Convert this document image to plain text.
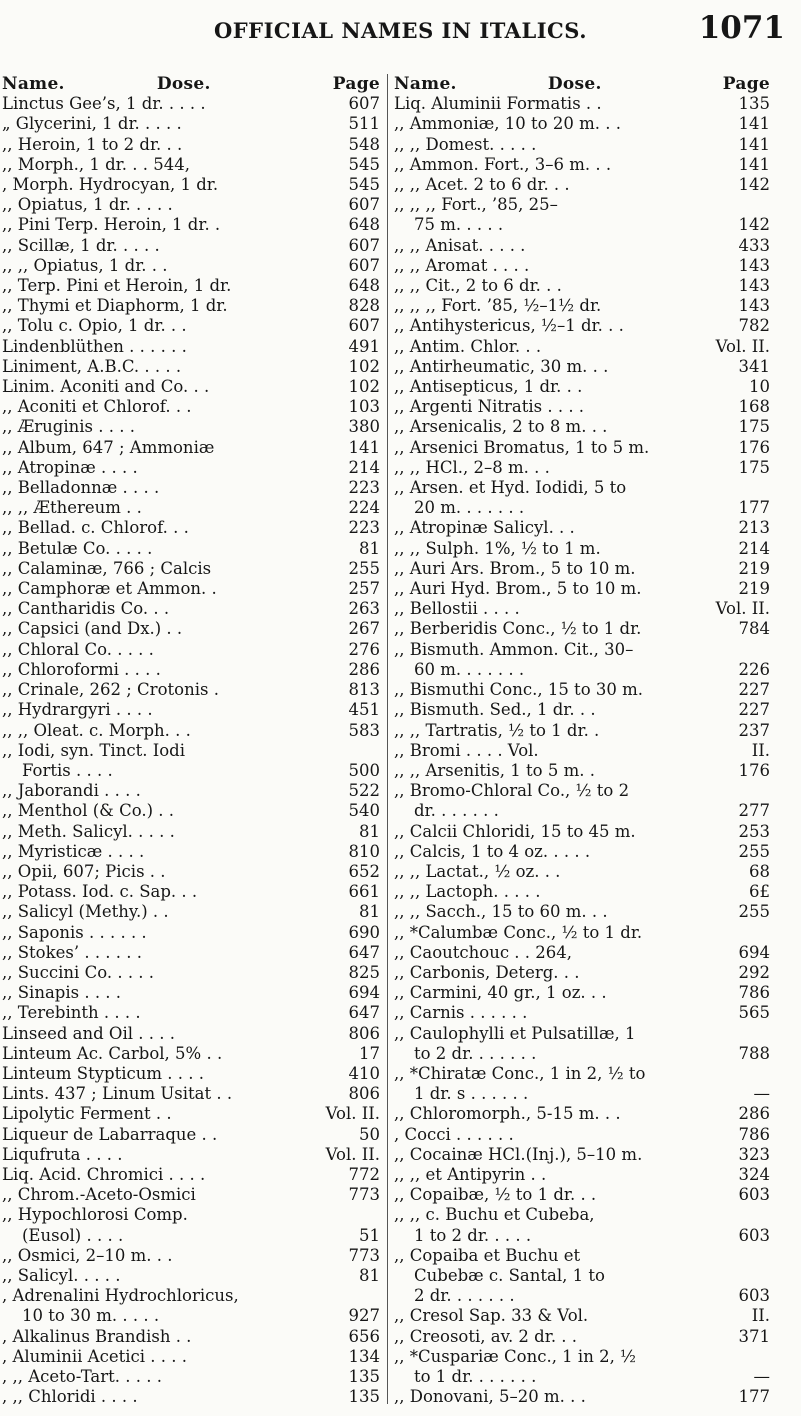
OFFICIAL NAMES IN ITALICS.	1071
Name.	Dose.	Page
Linctus Gee’s, 1 dr. . . . .	607
„ Glycerini, 1 dr. . . . .	511
,, Heroin, 1 to 2 dr. . .	548
,, Morph., 1 dr. . . 544,	545
, Morph. Hydrocyan, 1 dr.	545
,, Opiatus, 1 dr. . . . .	607
,, Pini Terp. Heroin, 1 dr. .	648
,, Scillæ, 1 dr. . . . .	607
,, ,, Opiatus, 1 dr. . .	607
,, Terp. Pini et Heroin, 1 dr.	648
,, Thymi et Diaphorm, 1 dr.	828
,, Tolu c. Opio, 1 dr. . .	607
Lindenblüthen . . . . . .	491
Liniment, A.B.C. . . . .	102
Linim. Aconiti and Co. . .	102
,, Aconiti et Chlorof. . .	103
,, Æruginis . . . .	380
,, Album, 647 ; Ammoniæ	141
,, Atropinæ . . . .	214
,, Belladonnæ . . . .	223
,, ,, Æthereum . .	224
,, Bellad. c. Chlorof. . .	223
,, Betulæ Co. . . . .	81
,, Calaminæ, 766 ; Calcis	255
,, Camphoræ et Ammon. .	257
,, Cantharidis Co. . .	263
,, Capsici (and Dx.) . .	267
,, Chloral Co. . . . .	276
,, Chloroformi . . . .	286
,, Crinale, 262 ; Crotonis .	813
,, Hydrargyri . . . .	451
,, ,, Oleat. c. Morph. . .	583
,, Iodi, syn. Tinct. Iodi
Fortis . . . .	500
,, Jaborandi . . . .	522
,, Menthol (& Co.) . .	540
,, Meth. Salicyl. . . . .	81
,, Myristicæ . . . .	810
,, Opii, 607; Picis . .	652
,, Potass. Iod. c. Sap. . .	661
,, Salicyl (Methy.) . .	81
,, Saponis . . . . . .	690
,, Stokes’ . . . . . .	647
,, Succini Co. . . . .	825
,, Sinapis . . . .	694
,, Terebinth . . . .	647
Linseed and Oil . . . .	806
Linteum Ac. Carbol, 5% . .	17
Linteum Stypticum . . . .	410
Lints. 437 ; Linum Usitat . .	806
Lipolytic Ferment . .	Vol. II.
Liqueur de Labarraque . .	50
Liqufruta . . . .	Vol. II.
Liq. Acid. Chromici . . . .	772
,, Chrom.-Aceto-Osmici	773
,, Hypochlorosi Comp.
(Eusol) . . . .	51
,, Osmici, 2–10 m. . .	773
,, Salicyl. . . . .	81
, Adrenalini Hydrochloricus,
10 to 30 m. . . . .	927
, Alkalinus Brandish . .	656
, Aluminii Acetici . . . .	134
, ,, Aceto-Tart. . . . .	135
, ,, Chloridi . . . .	135
Name.	Dose.	Page
Liq. Aluminii Formatis . .	135
,, Ammoniæ, 10 to 20 m. . .	141
,, ,, Domest. . . . .	141
,, Ammon. Fort., 3–6 m. . .	141
,, ,, Acet. 2 to 6 dr. . .	142
,, ,, ,, Fort., ’85, 25–
75 m. . . . .	142
,, ,, Anisat. . . . .	433
,, ,, Aromat . . . .	143
,, ,, Cit., 2 to 6 dr. . .	143
,, ,, ,, Fort. ’85, ½–1½ dr.	143
,, Antihystericus, ½–1 dr. . .	782
,, Antim. Chlor. . .	Vol. II.
,, Antirheumatic, 30 m. . .	341
,, Antisepticus, 1 dr. . .	10
,, Argenti Nitratis . . . .	168
,, Arsenicalis, 2 to 8 m. . .	175
,, Arsenici Bromatus, 1 to 5 m.	176
,, ,, HCl., 2–8 m. . .	175
,, Arsen. et Hyd. Iodidi, 5 to
20 m. . . . . . .	177
,, Atropinæ Salicyl. . .	213
,, ,, Sulph. 1%, ½ to 1 m.	214
,, Auri Ars. Brom., 5 to 10 m.	219
,, Auri Hyd. Brom., 5 to 10 m.	219
,, Bellostii . . . .	Vol. II.
,, Berberidis Conc., ½ to 1 dr.	784
,, Bismuth. Ammon. Cit., 30–
60 m. . . . . . .	226
,, Bismuthi Conc., 15 to 30 m.	227
,, Bismuth. Sed., 1 dr. . .	227
,, ,, Tartratis, ½ to 1 dr. .	237
,, Bromi . . . . Vol.	II.
,, ,, Arsenitis, 1 to 5 m. .	176
,, Bromo-Chloral Co., ½ to 2
dr. . . . . . .	277
,, Calcii Chloridi, 15 to 45 m.	253
,, Calcis, 1 to 4 oz. . . . .	255
,, ,, Lactat., ½ oz. . .	68
,, ,, Lactoph. . . . .	6£
,, ,, Sacch., 15 to 60 m. . .	255
,, *Calumbæ Conc., ½ to 1 dr.
,, Caoutchouc . . 264,	694
,, Carbonis, Deterg. . .	292
,, Carmini, 40 gr., 1 oz. . .	786
,, Carnis . . . . . .	565
,, Caulophylli et Pulsatillæ, 1
to 2 dr. . . . . . .	788
,, *Chiratæ Conc., 1 in 2, ½ to
1 dr. s . . . . . .	—
,, Chloromorph., 5-15 m. . .	286
, Cocci . . . . . .	786
,, Cocainæ HCl.(Inj.), 5–10 m.	323
,, ,, et Antipyrin . .	324
,, Copaibæ, ½ to 1 dr. . .	603
,, ,, c. Buchu et Cubeba,
1 to 2 dr. . . . .	603
,, Copaiba et Buchu et
Cubebæ c. Santal, 1 to
2 dr. . . . . . .	603
,, Cresol Sap. 33 & Vol.	II.
,, Creosoti, av. 2 dr. . .	371
,, *Cuspariæ Conc., 1 in 2, ½
to 1 dr. . . . . . .	—
,, Donovani, 5–20 m. . .	177
